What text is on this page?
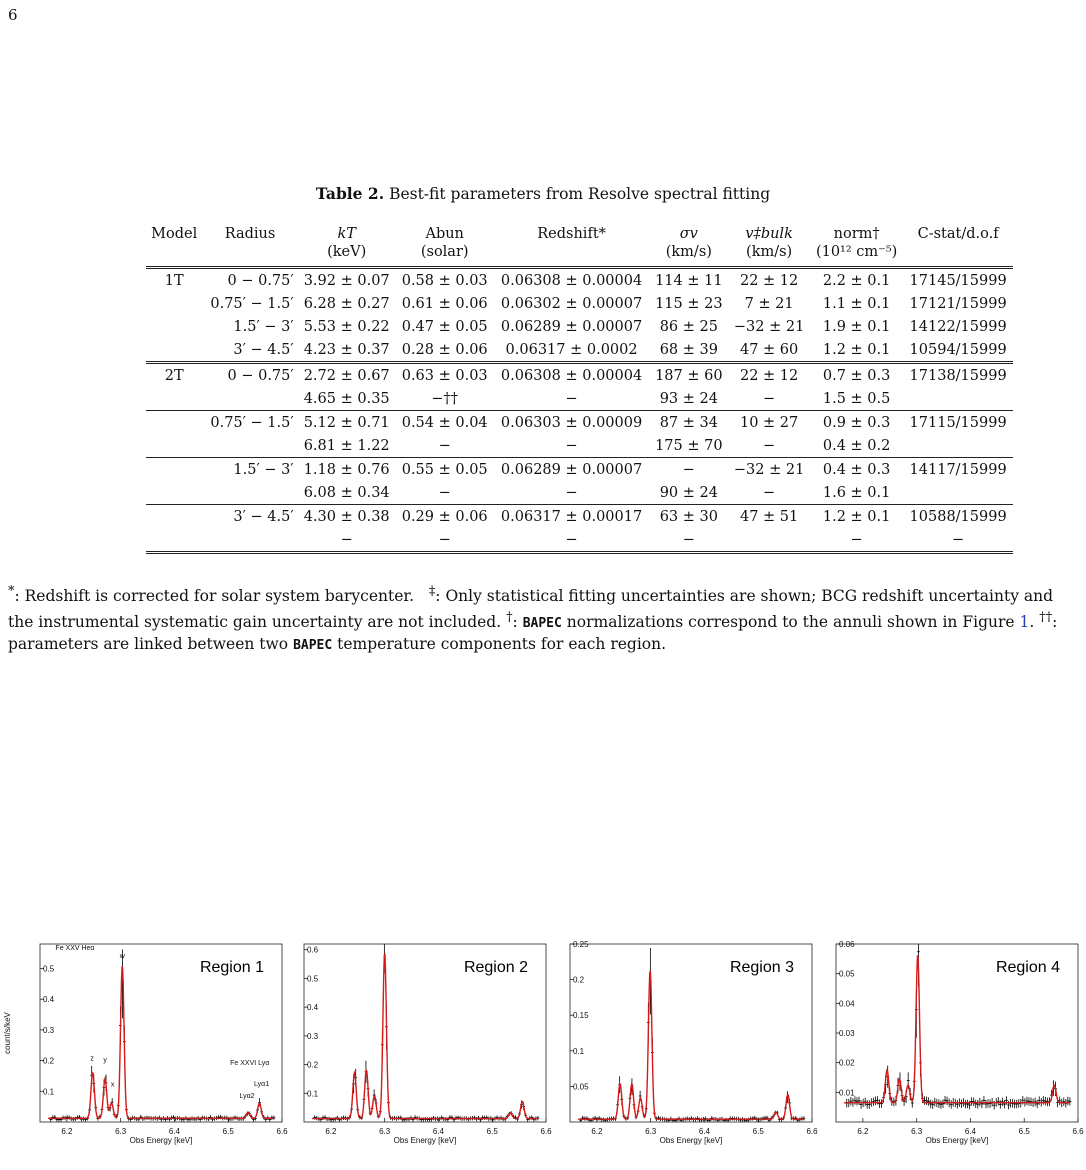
6
Table 2. Best-fit parameters from Resolve spectral fitting
Model	Radius	kT	Abun	Redshift*	σv	v‡bulk	norm†	C-stat/d.o.f
		(keV)	(solar)		(km/s)	(km/s)	(10¹² cm⁻⁵)	
1T	0 − 0.75′	3.92 ± 0.07	0.58 ± 0.03	0.06308 ± 0.00004	114 ± 11	22 ± 12	2.2 ± 0.1	17145/15999
	0.75′ − 1.5′	6.28 ± 0.27	0.61 ± 0.06	0.06302 ± 0.00007	115 ± 23	7 ± 21	1.1 ± 0.1	17121/15999
	1.5′ − 3′	5.53 ± 0.22	0.47 ± 0.05	0.06289 ± 0.00007	86 ± 25	−32 ± 21	1.9 ± 0.1	14122/15999
	3′ − 4.5′	4.23 ± 0.37	0.28 ± 0.06	0.06317 ± 0.0002	68 ± 39	47 ± 60	1.2 ± 0.1	10594/15999
2T	0 − 0.75′	2.72 ± 0.67	0.63 ± 0.03	0.06308 ± 0.00004	187 ± 60	22 ± 12	0.7 ± 0.3	17138/15999
		4.65 ± 0.35	−††	−	93 ± 24	−	1.5 ± 0.5	
	0.75′ − 1.5′	5.12 ± 0.71	0.54 ± 0.04	0.06303 ± 0.00009	87 ± 34	10 ± 27	0.9 ± 0.3	17115/15999
		6.81 ± 1.22	−	−	175 ± 70	−	0.4 ± 0.2	
	1.5′ − 3′	1.18 ± 0.76	0.55 ± 0.05	0.06289 ± 0.00007	−	−32 ± 21	0.4 ± 0.3	14117/15999
		6.08 ± 0.34	−	−	90 ± 24	−	1.6 ± 0.1	
	3′ − 4.5′	4.30 ± 0.38	0.29 ± 0.06	0.06317 ± 0.00017	63 ± 30	47 ± 51	1.2 ± 0.1	10588/15999
		−	−	−	−		−	−
*: Redshift is corrected for solar system barycenter. ‡: Only statistical fitting uncertainties are shown; BCG redshift uncertainty and the instrumental systematic gain uncertainty are not included. †: BAPEC normalizations correspond to the annuli shown in Figure 1. ††: parameters are linked between two BAPEC temperature components for each region.
6.2	6.3	6.4	6.5	6.6
0.1
0.2
0.3
0.4
0.5
Obs Energy [keV]
count/s/keV
Region 1
Fe XXV Heα
w
z y
x
Fe XXVI Lyα
Lyα2
Lyα1
6.2	6.3	6.4	6.5	6.6
0.1
0.2
0.3
0.4
0.5
0.6
Obs Energy [keV]
Region 2
6.2	6.3	6.4	6.5	6.6
0.05
0.1
0.15
0.2
0.25
Obs Energy [keV]
Region 3
6.2	6.3	6.4	6.5	6.6
0.01
0.02
0.03
0.04
0.05
0.06
Obs Energy [keV]
Region 4
